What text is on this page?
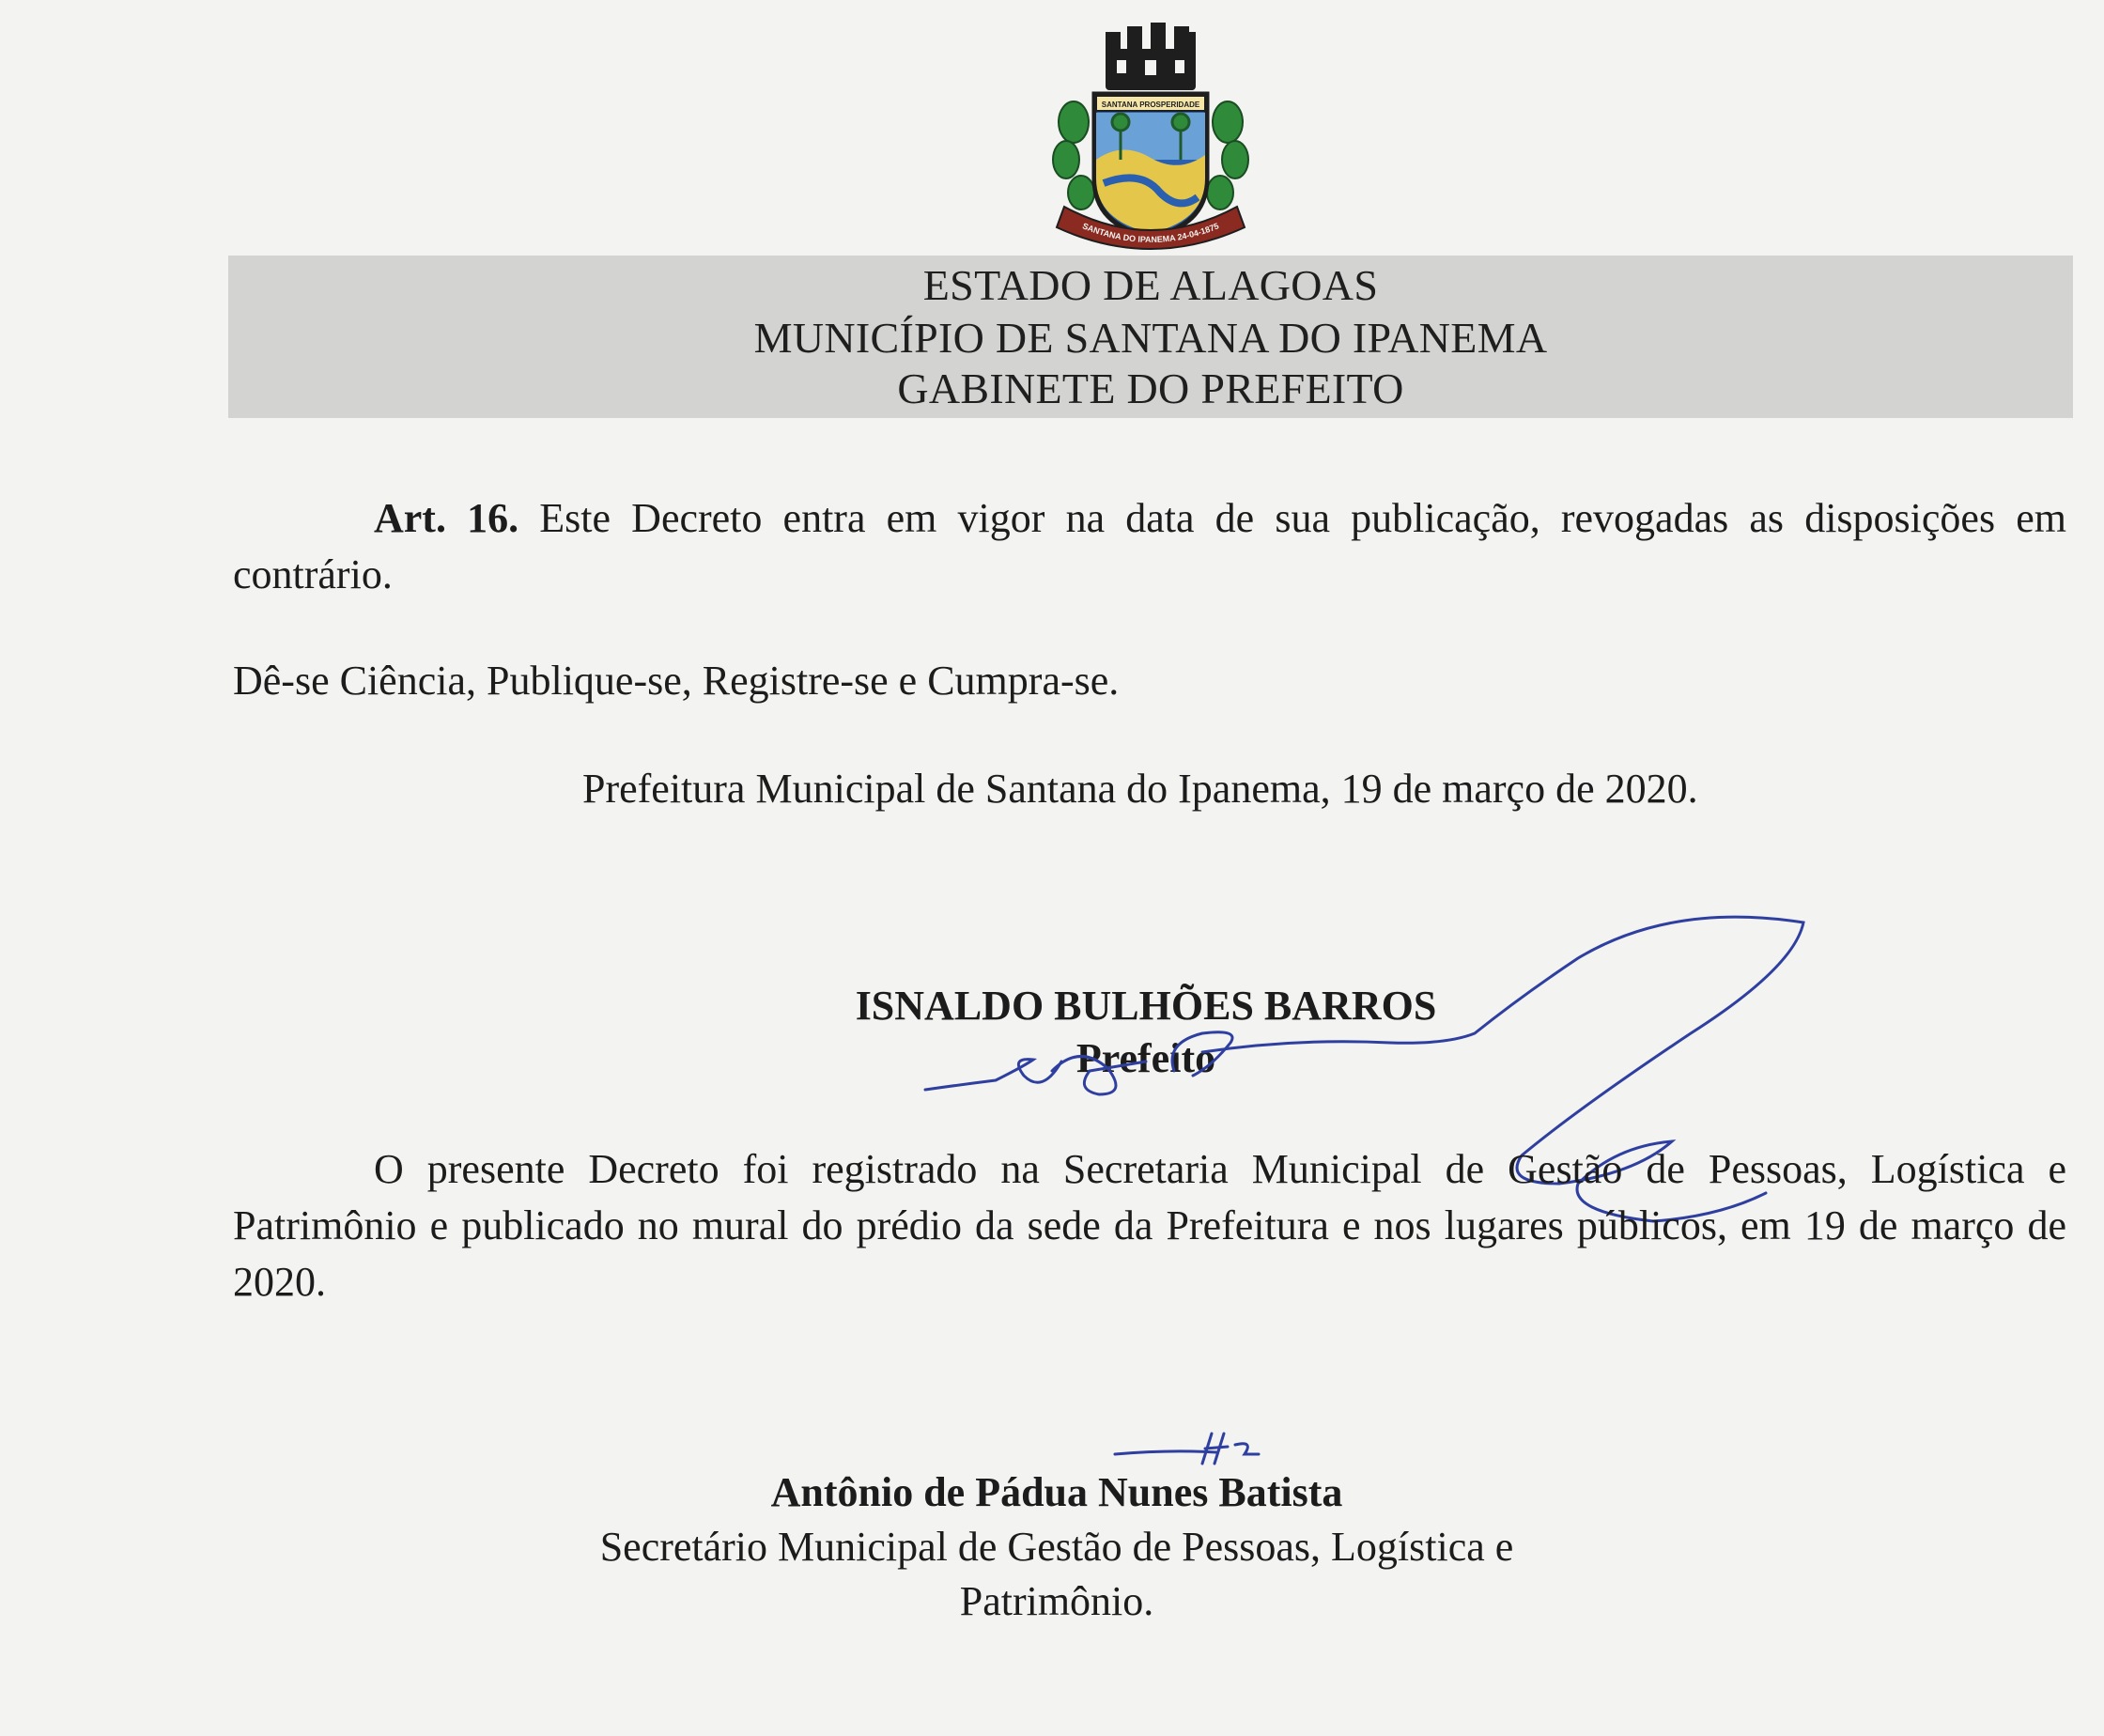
SANTANA PROSPERIDADE
SANTANA DO IPANEMA 24-04-1875
ESTADO DE ALAGOAS
MUNICÍPIO DE SANTANA DO IPANEMA
GABINETE DO PREFEITO
Art. 16. Este Decreto entra em vigor na data de sua publicação, revogadas as disposições em contrário.
Dê-se Ciência, Publique-se, Registre-se e Cumpra-se.
Prefeitura Municipal de Santana do Ipanema, 19 de março de 2020.
ISNALDO BULHÕES BARROS
Prefeito
O presente Decreto foi registrado na Secretaria Municipal de Gestão de Pessoas, Logística e Patrimônio e publicado no mural do prédio da sede da Prefeitura e nos lugares públicos, em 19 de março de 2020.
Antônio de Pádua Nunes Batista
Secretário Municipal de Gestão de Pessoas, Logística e Patrimônio.
